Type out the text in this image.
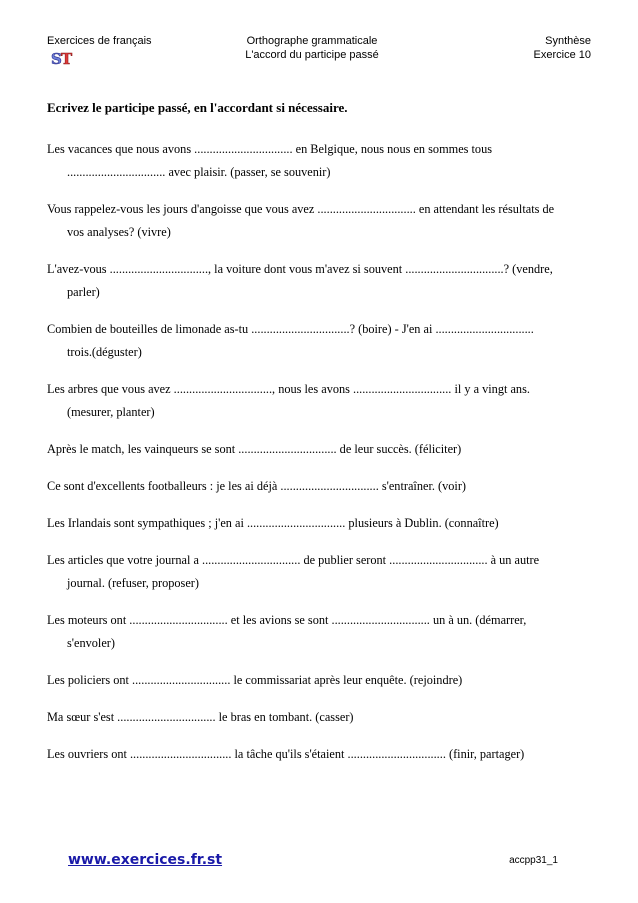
Exercices de français	Orthographe grammaticale
L'accord du participe passé
Synthèse
Exercice 10
S T
Ecrivez le participe passé, en l'accordant si nécessaire.

Les vacances que nous avons ................................ en Belgique, nous nous en sommes tous
................................ avec plaisir. (passer, se souvenir)

Vous rappelez-vous les jours d'angoisse que vous avez ................................ en attendant les résultats de
vos analyses? (vivre)

L'avez-vous ................................, la voiture dont vous m'avez si souvent ................................? (vendre,
parler)

Combien de bouteilles de limonade as-tu ................................? (boire) - J'en ai ................................
trois.(déguster)

Les arbres que vous avez ................................, nous les avons ................................ il y a vingt ans.
(mesurer, planter)

Après le match, les vainqueurs se sont ................................ de leur succès. (féliciter)

Ce sont d'excellents footballeurs : je les ai déjà ................................ s'entraîner. (voir)

Les Irlandais sont sympathiques ; j'en ai ................................ plusieurs à Dublin. (connaître)

Les articles que votre journal a ................................ de publier seront ................................ à un autre
journal. (refuser, proposer)

Les moteurs ont ................................ et les avions se sont ................................ un à un. (démarrer,
s'envoler)

Les policiers ont ................................ le commissariat après leur enquête. (rejoindre)

Ma sœur s'est ................................ le bras en tombant. (casser)

Les ouvriers ont ................................. la tâche qu'ils s'étaient ................................ (finir, partager)

www.exercices.fr.st	accpp31_1
